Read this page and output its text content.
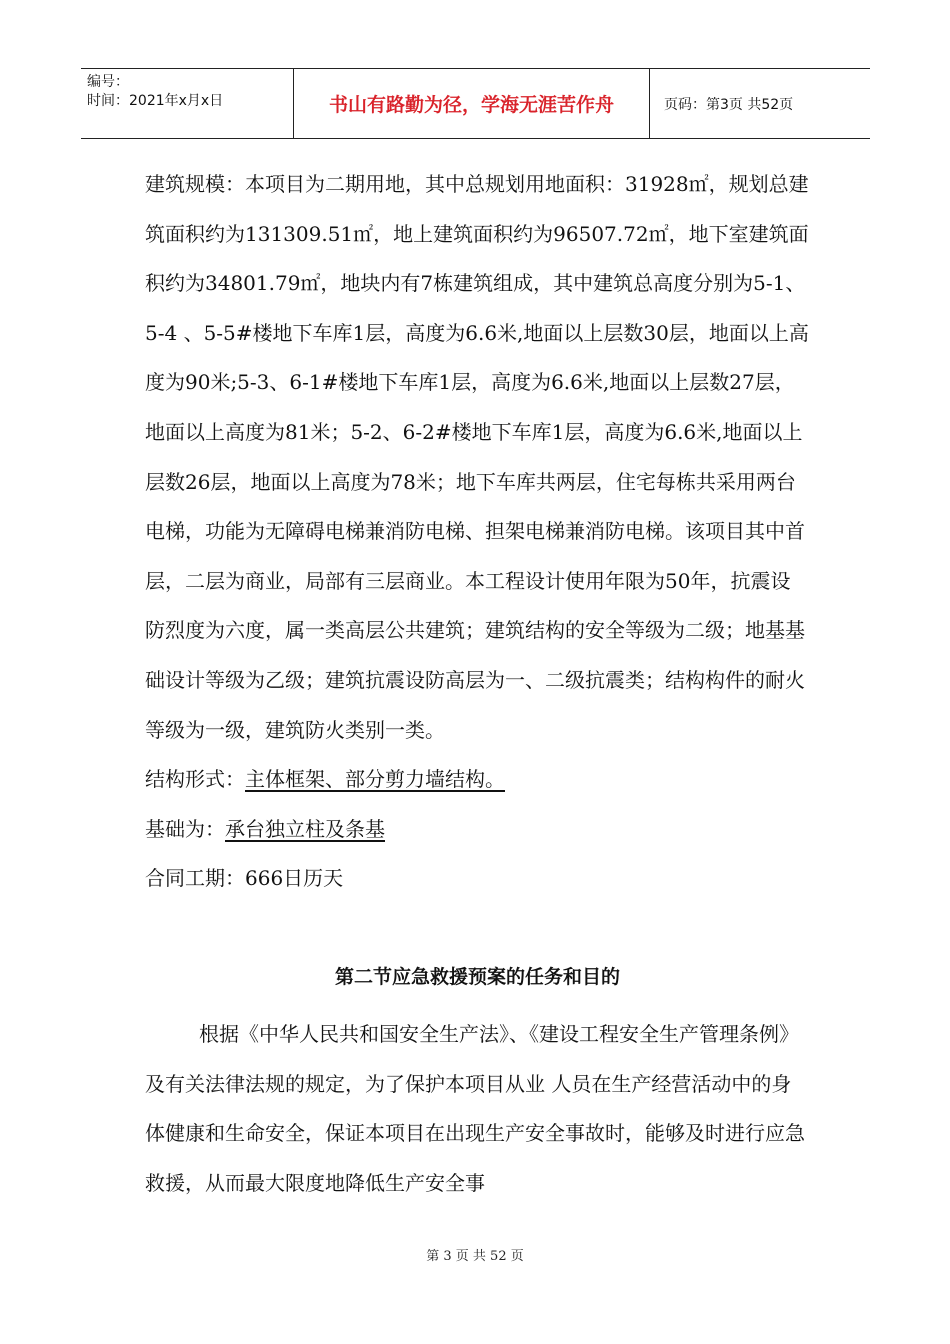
编号：
时间：2021年x月x日	书山有路勤为径，学海无涯苦作舟	页码：第3页 共52页

建筑规模：本项目为二期用地，其中总规划用地面积：31928㎡，规划总建筑面积约为131309.51㎡，地上建筑面积约为96507.72㎡，地下室建筑面积约为34801.79㎡，地块内有7栋建筑组成，其中建筑总高度分别为5-1、5-4 、5-5#楼地下车库1层，高度为6.6米,地面以上层数30层，地面以上高度为90米;5-3、6-1#楼地下车库1层，高度为6.6米,地面以上层数27层，地面以上高度为81米；5-2、6-2#楼地下车库1层，高度为6.6米,地面以上层数26层，地面以上高度为78米；地下车库共两层，住宅每栋共采用两台电梯，功能为无障碍电梯兼消防电梯、担架电梯兼消防电梯。该项目其中首层，二层为商业，局部有三层商业。本工程设计使用年限为50年，抗震设防烈度为六度，属一类高层公共建筑；建筑结构的安全等级为二级；地基基础设计等级为乙级；建筑抗震设防高层为一、二级抗震类；结构构件的耐火等级为一级，建筑防火类别一类。

结构形式：主体框架、部分剪力墙结构。

基础为：承台独立柱及条基

合同工期：666日历天

第二节应急救援预案的任务和目的

根据《中华人民共和国安全生产法》、《建设工程安全生产管理条例》及有关法律法规的规定，为了保护本项目从业 人员在生产经营活动中的身体健康和生命安全，保证本项目在出现生产安全事故时，能够及时进行应急救援，从而最大限度地降低生产安全事

第 3 页 共 52 页
